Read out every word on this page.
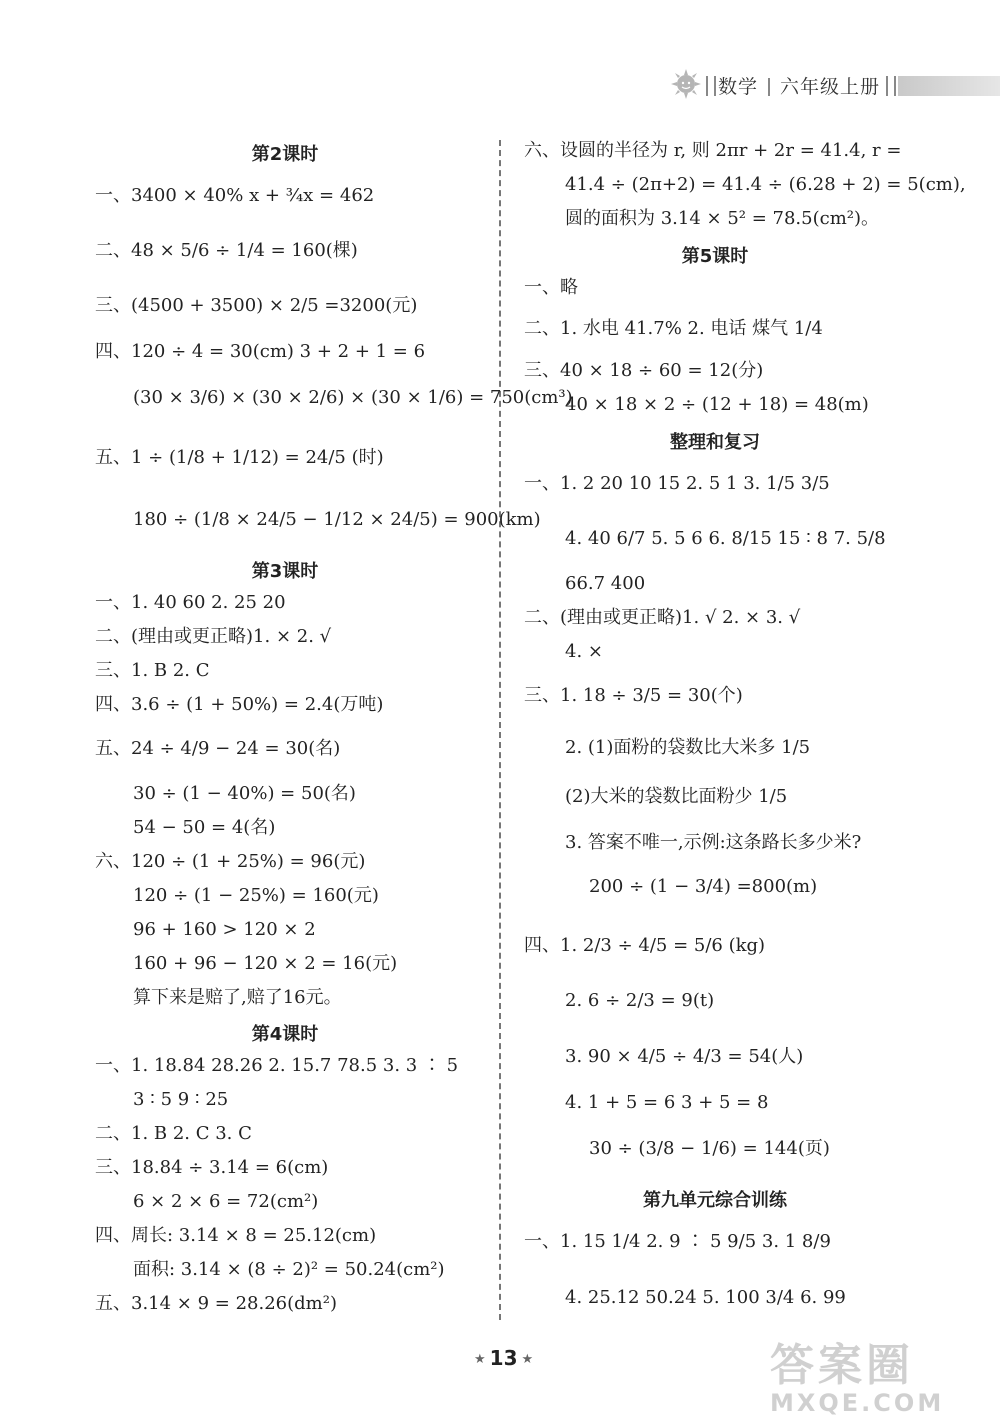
数学 六年级上册
第2课时
一、3400 × 40% x + ¾x = 462
二、48 × 5/6 ÷ 1/4 = 160(棵)
三、(4500 + 3500) × 2/5 =3200(元)
四、120 ÷ 4 = 30(cm) 3 + 2 + 1 = 6
(30 × 3/6) × (30 × 2/6) × (30 × 1/6) = 750(cm³)
五、1 ÷ (1/8 + 1/12) = 24/5 (时)
180 ÷ (1/8 × 24/5 − 1/12 × 24/5) = 900(km)
第3课时
一、1. 40 60 2. 25 20
二、(理由或更正略)1. × 2. √
三、1. B 2. C
四、3.6 ÷ (1 + 50%) = 2.4(万吨)
五、24 ÷ 4/9 − 24 = 30(名)
30 ÷ (1 − 40%) = 50(名)
54 − 50 = 4(名)
六、120 ÷ (1 + 25%) = 96(元)
120 ÷ (1 − 25%) = 160(元)
96 + 160 > 120 × 2
160 + 96 − 120 × 2 = 16(元)
算下来是赔了,赔了16元。
第4课时
一、1. 18.84 28.26 2. 15.7 78.5 3. 3 ∶ 5
3 ∶ 5 9 ∶ 25
二、1. B 2. C 3. C
三、18.84 ÷ 3.14 = 6(cm)
6 × 2 × 6 = 72(cm²)
四、周长: 3.14 × 8 = 25.12(cm)
面积: 3.14 × (8 ÷ 2)² = 50.24(cm²)
五、3.14 × 9 = 28.26(dm²)
六、设圆的半径为 r, 则 2πr + 2r = 41.4, r =
41.4 ÷ (2π+2) = 41.4 ÷ (6.28 + 2) = 5(cm),
圆的面积为 3.14 × 5² = 78.5(cm²)。
第5课时
一、略
二、1. 水电 41.7% 2. 电话 煤气 1/4
三、40 × 18 ÷ 60 = 12(分)
40 × 18 × 2 ÷ (12 + 18) = 48(m)
整理和复习
一、1. 2 20 10 15 2. 5 1 3. 1/5 3/5
4. 40 6/7 5. 5 6 6. 8/15 15 ∶ 8 7. 5/8
66.7 400
二、(理由或更正略)1. √ 2. × 3. √
4. ×
三、1. 18 ÷ 3/5 = 30(个)
2. (1)面粉的袋数比大米多 1/5
(2)大米的袋数比面粉少 1/5
3. 答案不唯一,示例:这条路长多少米?
200 ÷ (1 − 3/4) =800(m)
四、1. 2/3 ÷ 4/5 = 5/6 (kg)
2. 6 ÷ 2/3 = 9(t)
3. 90 × 4/5 ÷ 4/3 = 54(人)
4. 1 + 5 = 6 3 + 5 = 8
30 ÷ (3/8 − 1/6) = 144(页)
第九单元综合训练
一、1. 15 1/4 2. 9 ∶ 5 9/5 3. 1 8/9
4. 25.12 50.24 5. 100 3/4 6. 99
★ 13 ★	答案圈
MXQE.COM
